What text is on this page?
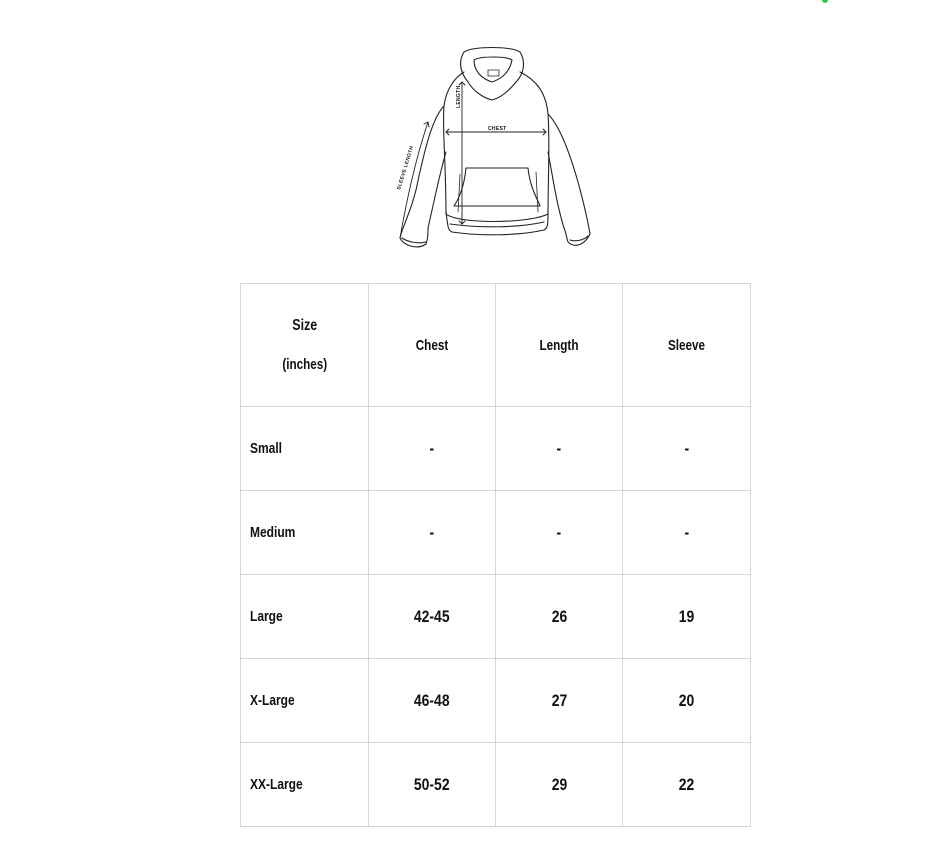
CHEST
LENGTH
SLEEVE LENGTH
Size
(inches)	Chest	Length	Sleeve

Small	-	-	-
Medium	-	-	-
Large	42-45	26	19
X-Large	46-48	27	20
XX-Large	50-52	29	22
